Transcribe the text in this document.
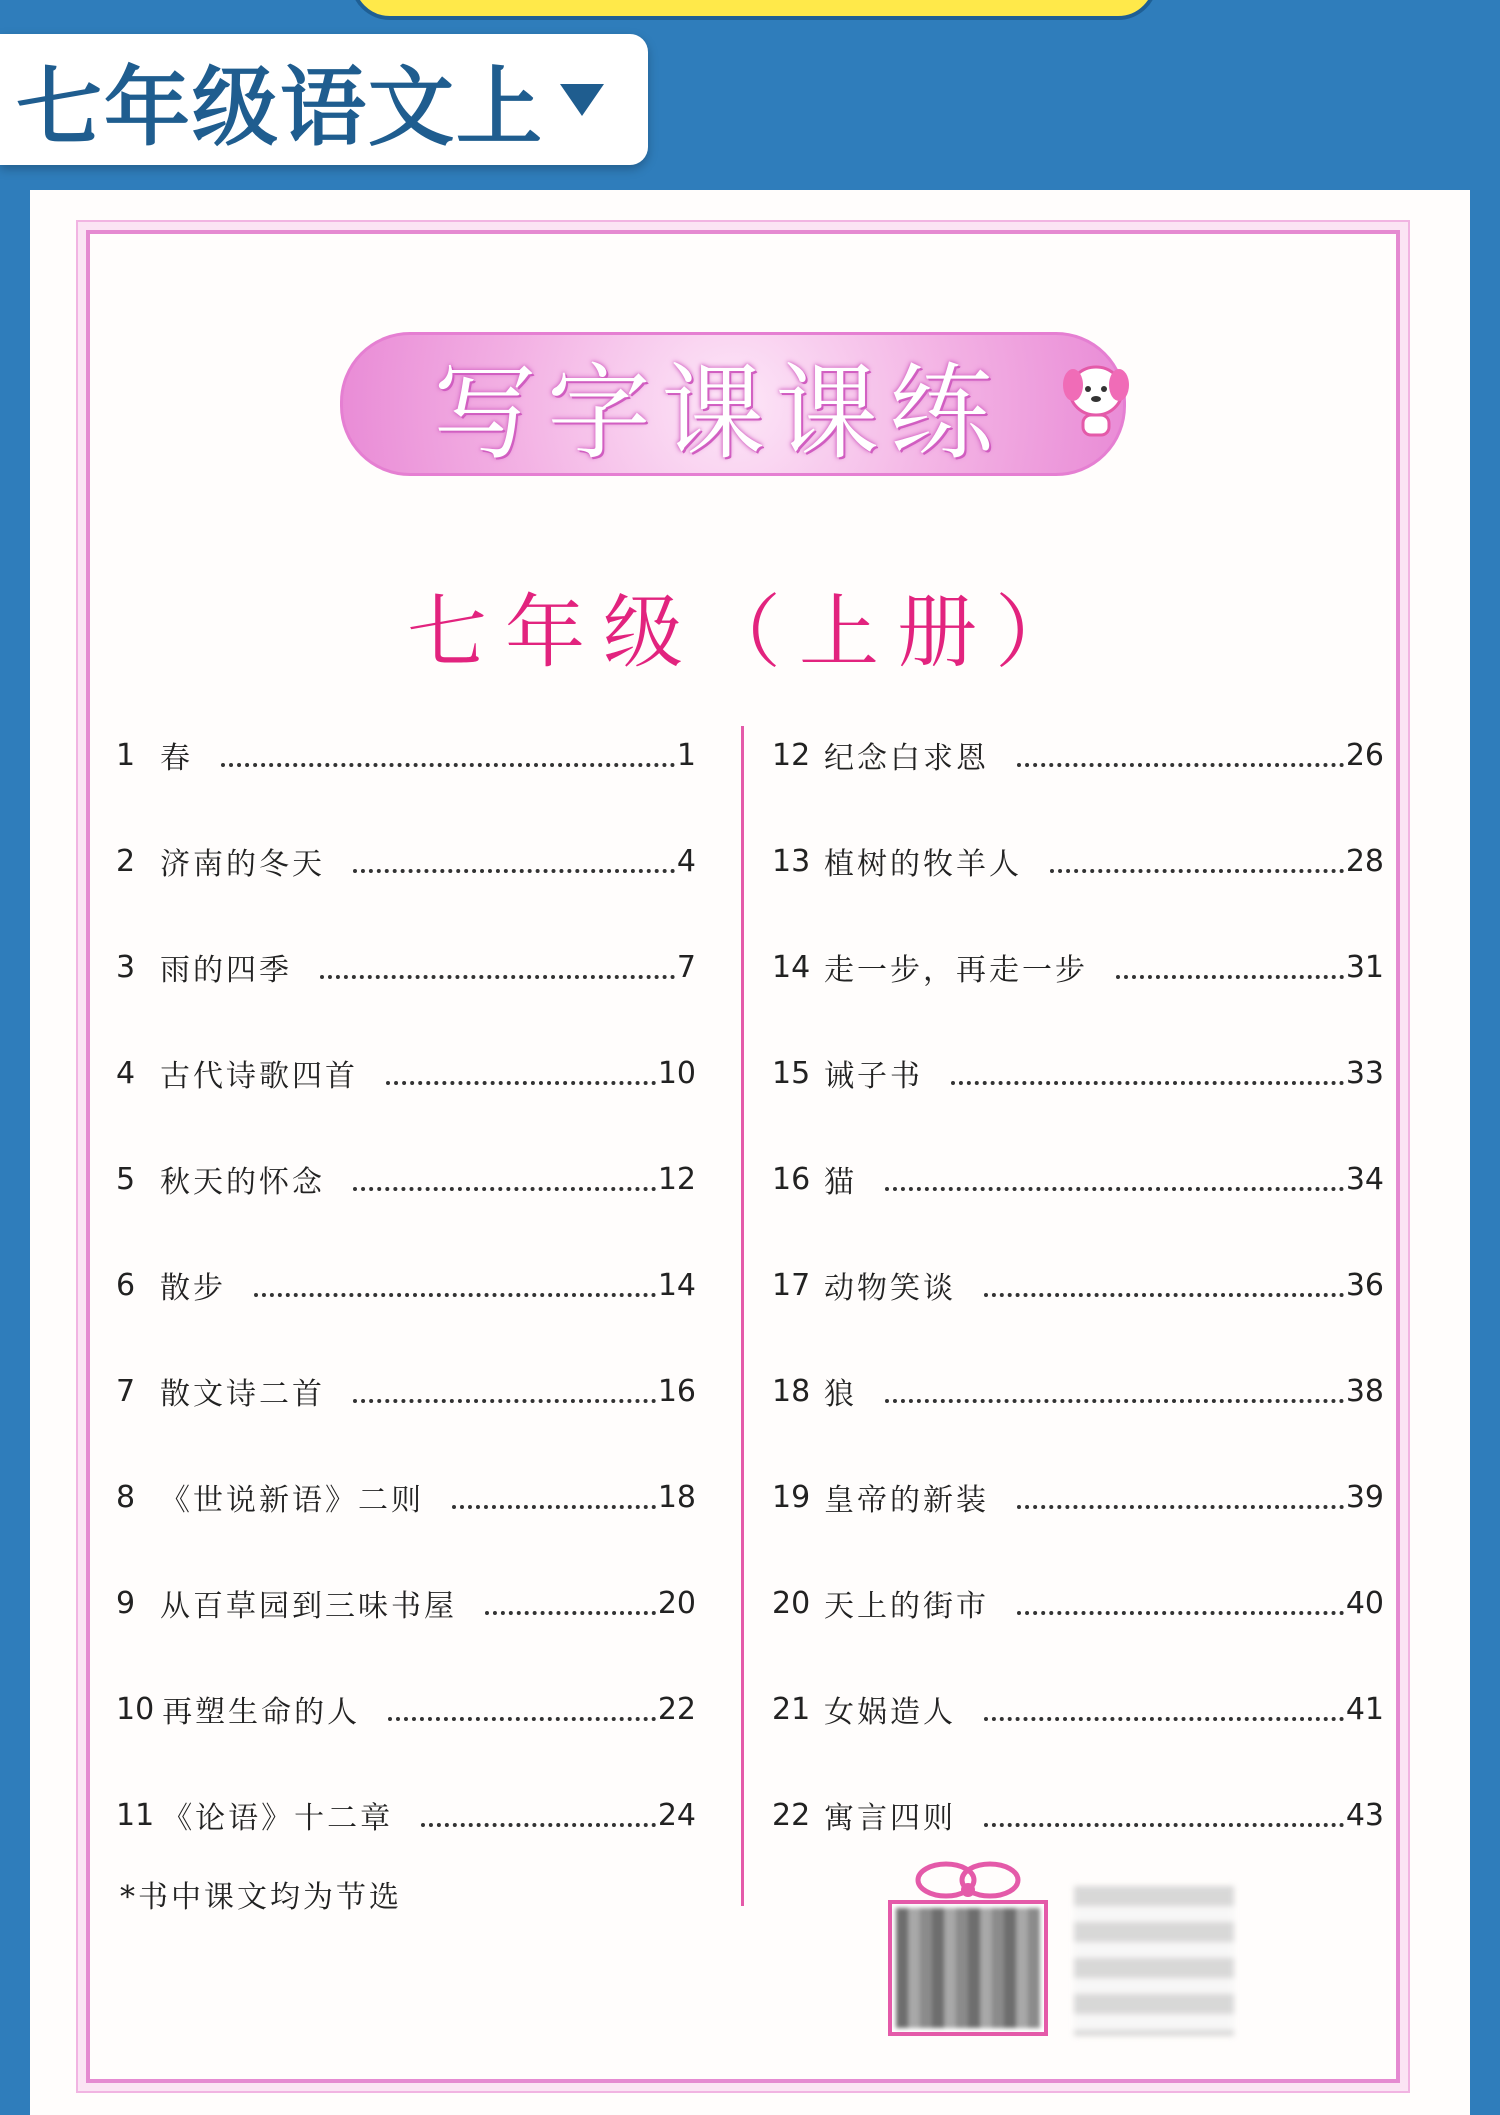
七年级语文上
写字课课练
七年级（上册）
1 春	1
2 济南的冬天	4
3 雨的四季	7
4 古代诗歌四首	10
5 秋天的怀念	12
6 散步	14
7 散文诗二首	16
8 《世说新语》二则	18
9 从百草园到三味书屋	20
10 再塑生命的人	22
11 《论语》十二章	24
12 纪念白求恩	26
13 植树的牧羊人	28
14 走一步，再走一步	31
15 诫子书	33
16 猫	34
17 动物笑谈	36
18 狼	38
19 皇帝的新装	39
20 天上的街市	40
21 女娲造人	41
22 寓言四则	43
*书中课文均为节选
